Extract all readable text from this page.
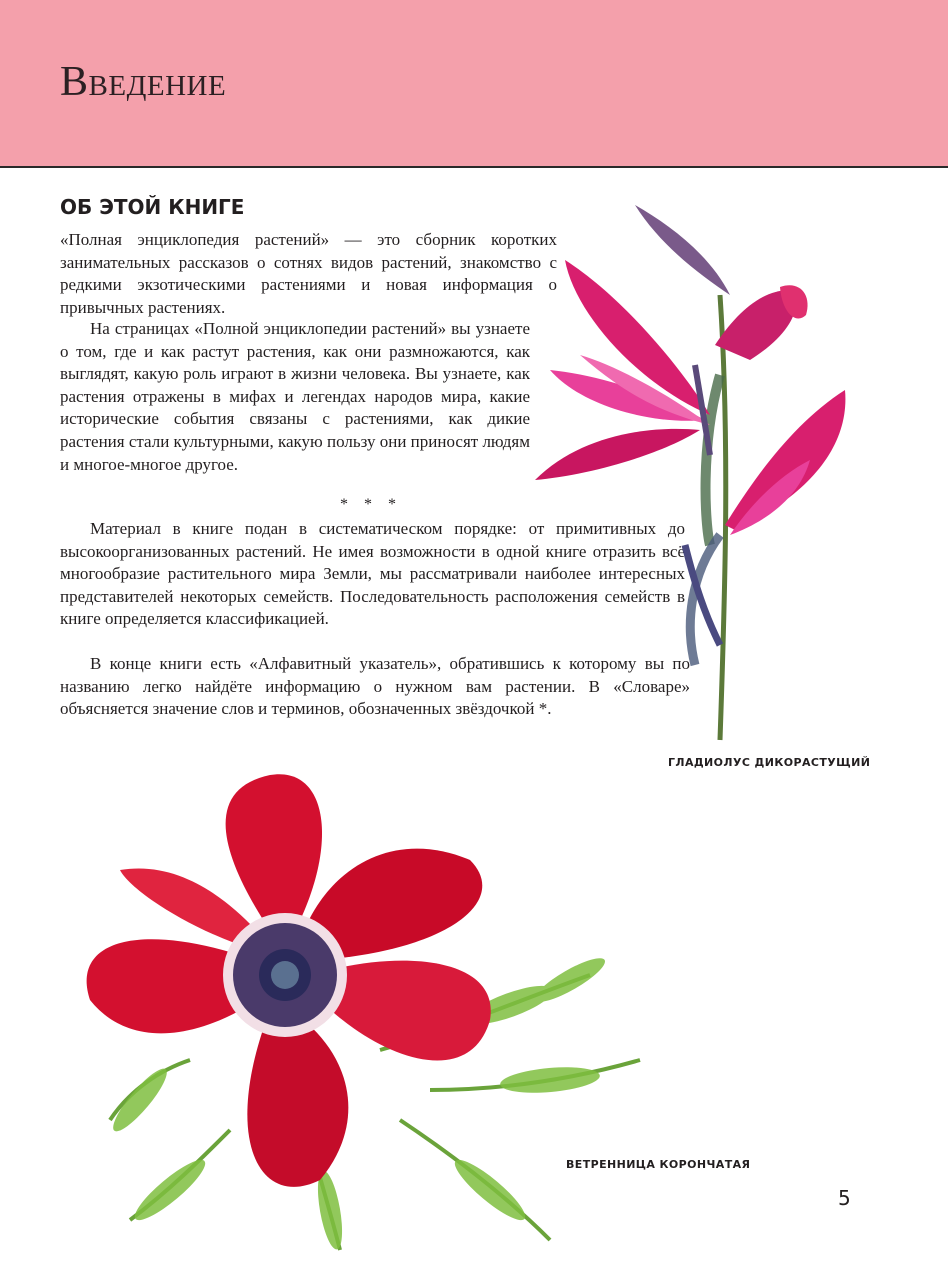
Введение
ОБ ЭТОЙ КНИГЕ

«Полная энциклопедия растений» — это сборник коротких занимательных рассказов о сотнях видов растений, знакомство с редкими экзотическими растениями и новая информация о привычных растениях.

На страницах «Полной энциклопедии растений» вы узнаете о том, где и как растут растения, как они размножаются, как выглядят, какую роль играют в жизни человека. Вы узнаете, как растения отражены в мифах и легендах народов мира, какие исторические события связаны с растениями, как дикие растения стали культурными, какую пользу они приносят людям и многое-многое другое.

* * *

Материал в книге подан в систематическом порядке: от примитивных до высокоорганизованных растений. Не имея возможности в одной книге отразить всё многообразие растительного мира Земли, мы рассматривали наиболее интересных представителей некоторых семейств. Последовательность расположения семейств в книге определяется классификацией.

В конце книги есть «Алфавитный указатель», обратившись к которому вы по названию легко найдёте информацию о нужном вам растении. В «Словаре» объясняется значение слов и терминов, обозначенных звёздочкой *.

ГЛАДИОЛУС ДИКОРАСТУЩИЙ
ВЕТРЕННИЦА КОРОНЧАТАЯ
5
